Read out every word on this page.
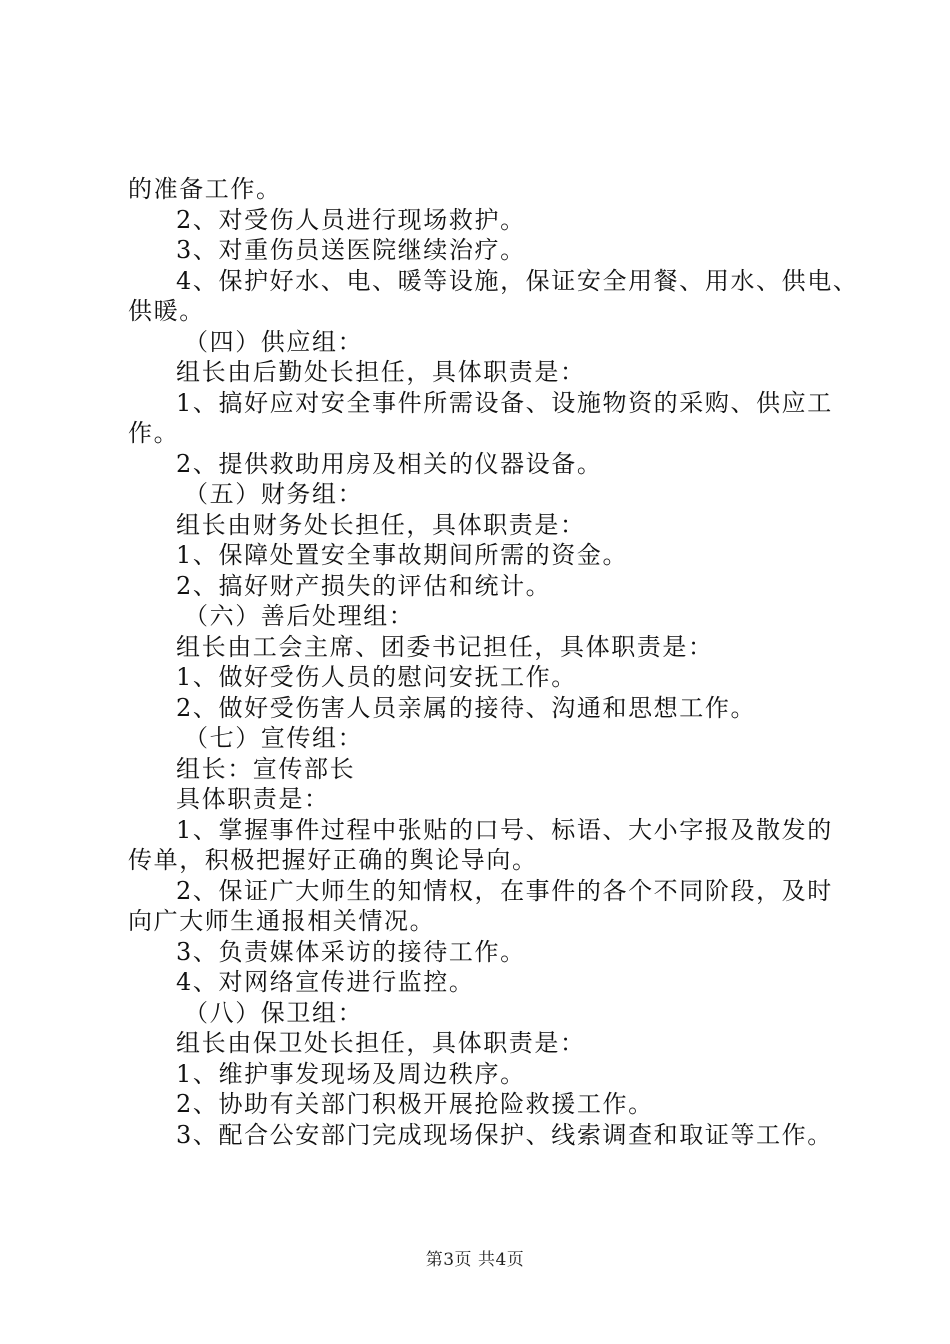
的准备工作。
2、对受伤人员进行现场救护。
3、对重伤员送医院继续治疗。
4、保护好水、电、暖等设施，保证安全用餐、用水、供电、
供暖。
（四）供应组：
组长由后勤处长担任，具体职责是：
1、搞好应对安全事件所需设备、设施物资的采购、供应工
作。
2、提供救助用房及相关的仪器设备。
（五）财务组：
组长由财务处长担任，具体职责是：
1、保障处置安全事故期间所需的资金。
2、搞好财产损失的评估和统计。
（六）善后处理组：
组长由工会主席、团委书记担任，具体职责是：
1、做好受伤人员的慰问安抚工作。
2、做好受伤害人员亲属的接待、沟通和思想工作。
（七）宣传组：
组长：宣传部长
具体职责是：
1、掌握事件过程中张贴的口号、标语、大小字报及散发的
传单，积极把握好正确的舆论导向。
2、保证广大师生的知情权，在事件的各个不同阶段，及时
向广大师生通报相关情况。
3、负责媒体采访的接待工作。
4、对网络宣传进行监控。
（八）保卫组：
组长由保卫处长担任，具体职责是：
1、维护事发现场及周边秩序。
2、协助有关部门积极开展抢险救援工作。
3、配合公安部门完成现场保护、线索调查和取证等工作。
第3页 共4页
